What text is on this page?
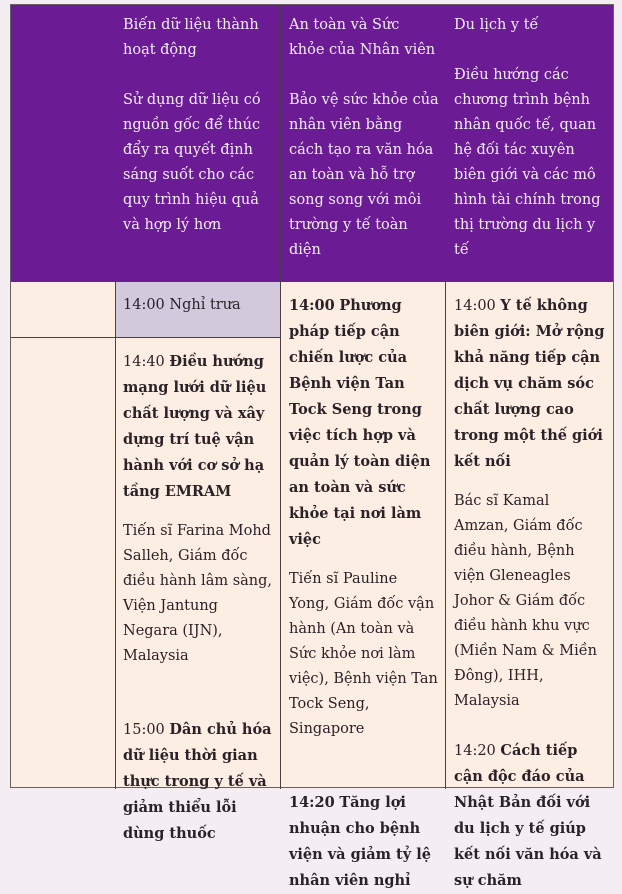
Biến dữ liệu thành hoạt động

Sử dụng dữ liệu có nguồn gốc để thúc đẩy ra quyết định sáng suốt cho các quy trình hiệu quả và hợp lý hơn

An toàn và Sức khỏe của Nhân viên

Bảo vệ sức khỏe của nhân viên bằng cách tạo ra văn hóa an toàn và hỗ trợ song song với môi trường y tế toàn diện

Du lịch y tế

Điều hướng các chương trình bệnh nhân quốc tế, quan hệ đối tác xuyên biên giới và các mô hình tài chính trong thị trường du lịch y tế

14:00 Nghỉ trưa

14:40 Điều hướng mạng lưới dữ liệu chất lượng và xây dựng trí tuệ vận hành với cơ sở hạ tầng EMRAM

Tiến sĩ Farina Mohd Salleh, Giám đốc điều hành lâm sàng, Viện Jantung Negara (IJN), Malaysia

15:00 Dân chủ hóa dữ liệu thời gian thực trong y tế và giảm thiểu lỗi dùng thuốc

14:00 Phương pháp tiếp cận chiến lược của Bệnh viện Tan Tock Seng trong việc tích hợp và quản lý toàn diện an toàn và sức khỏe tại nơi làm việc

Tiến sĩ Pauline Yong, Giám đốc vận hành (An toàn và Sức khỏe nơi làm việc), Bệnh viện Tan Tock Seng, Singapore

14:20 Tăng lợi nhuận cho bệnh viện và giảm tỷ lệ nhân viên nghỉ

14:00 Y tế không biên giới: Mở rộng khả năng tiếp cận dịch vụ chăm sóc chất lượng cao trong một thế giới kết nối

Bác sĩ Kamal Amzan, Giám đốc điều hành, Bệnh viện Gleneagles Johor & Giám đốc điều hành khu vực (Miền Nam & Miền Đông), IHH, Malaysia

14:20 Cách tiếp cận độc đáo của Nhật Bản đối với du lịch y tế giúp kết nối văn hóa và sự chăm
